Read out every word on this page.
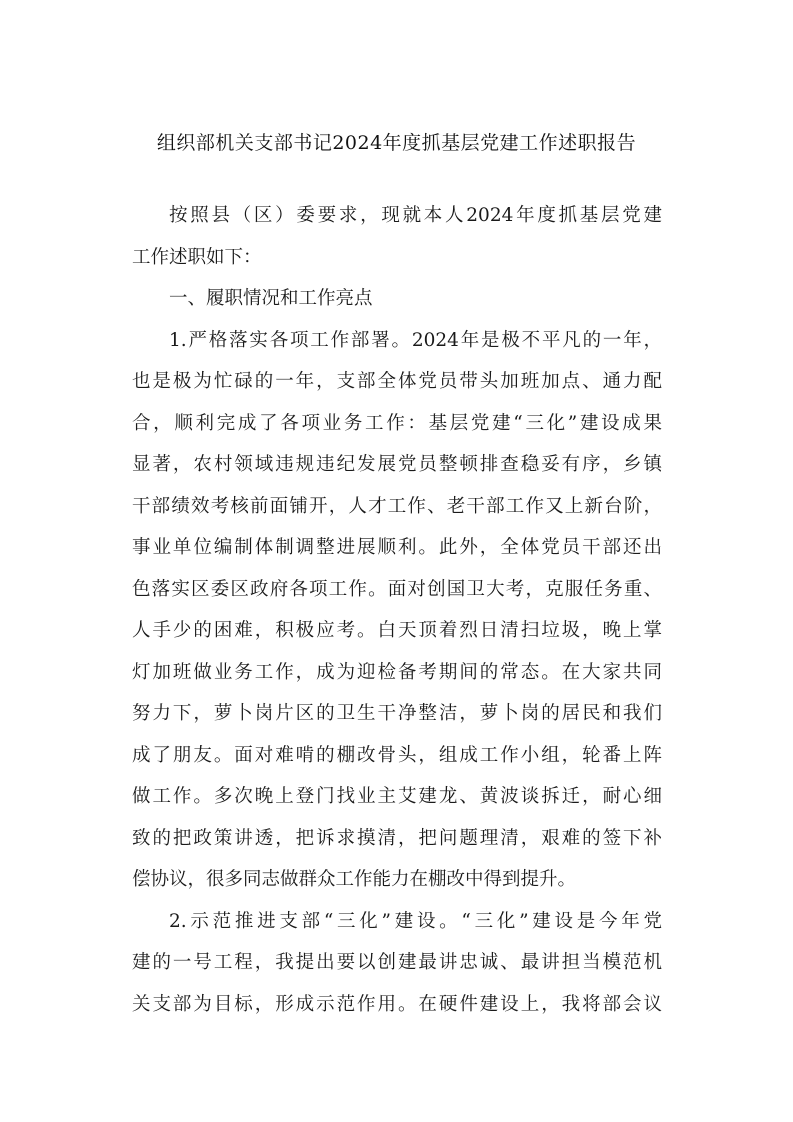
组织部机关支部书记2024年度抓基层党建工作述职报告
按照县（区）委要求，现就本人2024年度抓基层党建
工作述职如下：
一、履职情况和工作亮点
1.严格落实各项工作部署。2024年是极不平凡的一年，
也是极为忙碌的一年，支部全体党员带头加班加点、通力配
合，顺利完成了各项业务工作：基层党建“三化”建设成果
显著，农村领域违规违纪发展党员整顿排查稳妥有序，乡镇
干部绩效考核前面铺开，人才工作、老干部工作又上新台阶，
事业单位编制体制调整进展顺利。此外，全体党员干部还出
色落实区委区政府各项工作。面对创国卫大考，克服任务重、
人手少的困难，积极应考。白天顶着烈日清扫垃圾，晚上掌
灯加班做业务工作，成为迎检备考期间的常态。在大家共同
努力下，萝卜岗片区的卫生干净整洁，萝卜岗的居民和我们
成了朋友。面对难啃的棚改骨头，组成工作小组，轮番上阵
做工作。多次晚上登门找业主艾建龙、黄波谈拆迁，耐心细
致的把政策讲透，把诉求摸清，把问题理清，艰难的签下补
偿协议，很多同志做群众工作能力在棚改中得到提升。
2.示范推进支部“三化”建设。“三化”建设是今年党
建的一号工程，我提出要以创建最讲忠诚、最讲担当模范机
关支部为目标，形成示范作用。在硬件建设上，我将部会议
